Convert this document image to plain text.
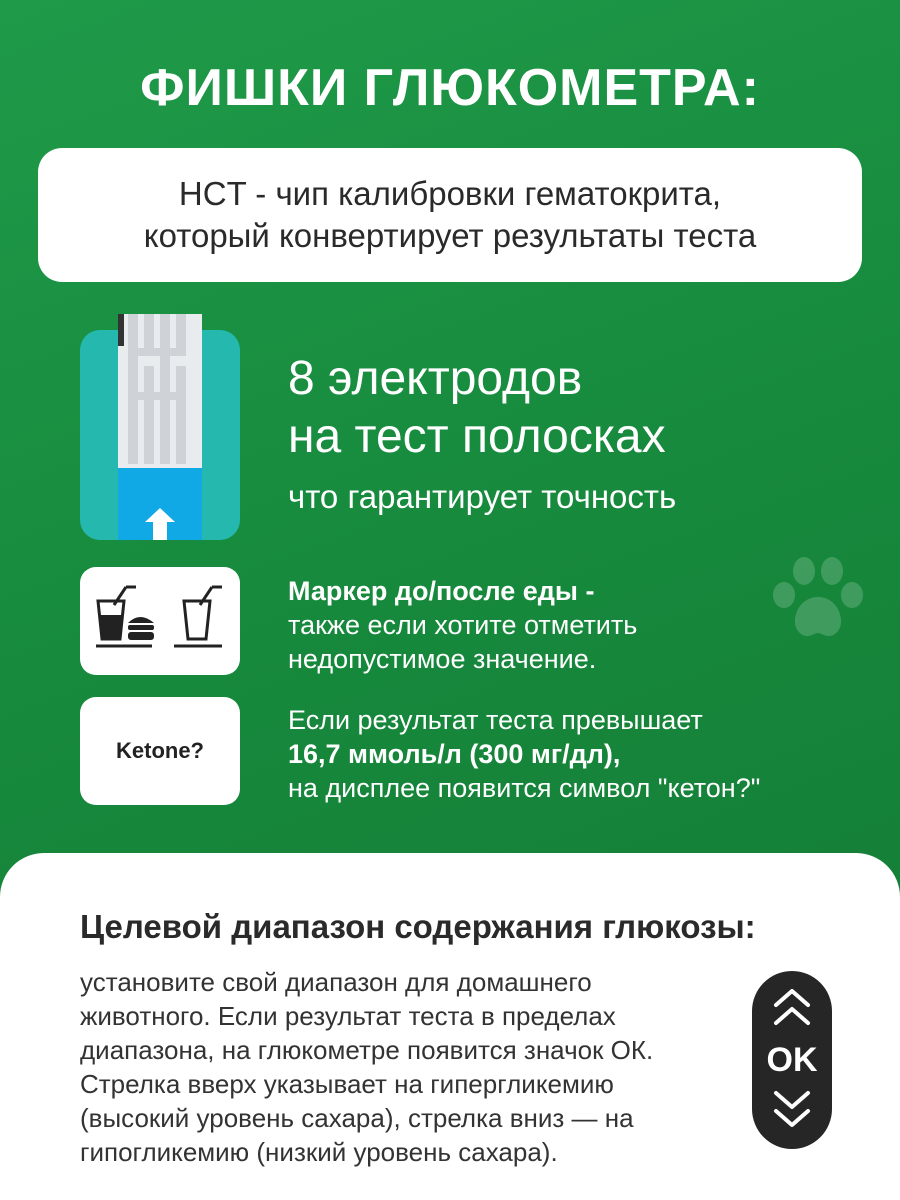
ФИШКИ ГЛЮКОМЕТРА:
HCT - чип калибровки гематокрита,
который конвертирует результаты теста
8 электродов
на тест полосках
что гарантирует точность
Маркер до/после еды -
также если хотите отметить
недопустимое значение.
Ketone?
Если результат теста превышает
16,7 ммоль/л (300 мг/дл),
на дисплее появится символ "кетон?"
Целевой диапазон содержания глюкозы:
установите свой диапазон для домашнего
животного. Если результат теста в пределах
диапазона, на глюкометре появится значок ОК.
Стрелка вверх указывает на гипергликемию
(высокий уровень сахара), стрелка вниз — на
гипогликемию (низкий уровень сахара).
OK
